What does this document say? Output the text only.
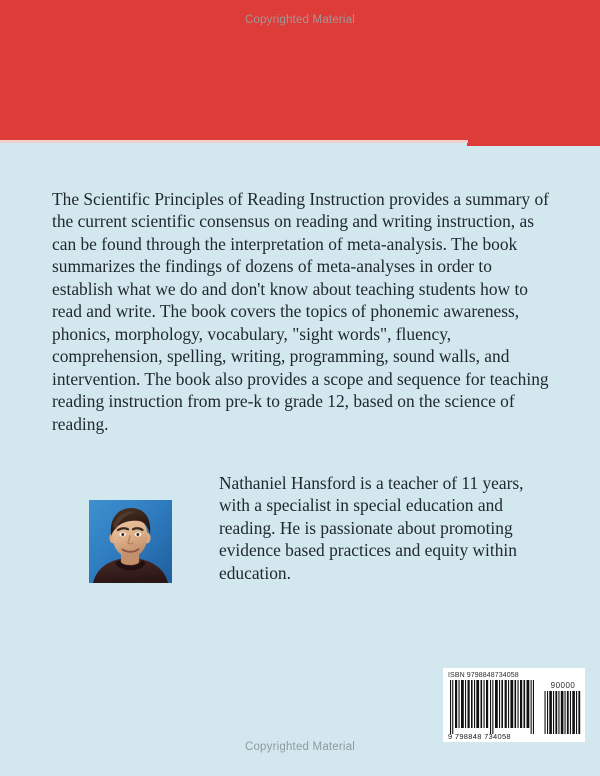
Copyrighted Material
The Scientific Principles of Reading Instruction provides a summary of the current scientific consensus on reading and writing instruction, as can be found through the interpretation of meta-analysis. The book summarizes the findings of dozens of meta-analyses in order to establish what we do and don't know about teaching students how to read and write. The book covers the topics of phonemic awareness, phonics, morphology, vocabulary, "sight words", fluency, comprehension, spelling, writing, programming, sound walls, and intervention. The book also provides a scope and sequence for teaching reading instruction from pre-k to grade 12, based on the science of reading.
Nathaniel Hansford is a teacher of 11 years, with a specialist in special education and reading. He is passionate about promoting evidence based practices and equity within education.
ISBN 9798848734058
90000
9 798848 734058
Copyrighted Material
